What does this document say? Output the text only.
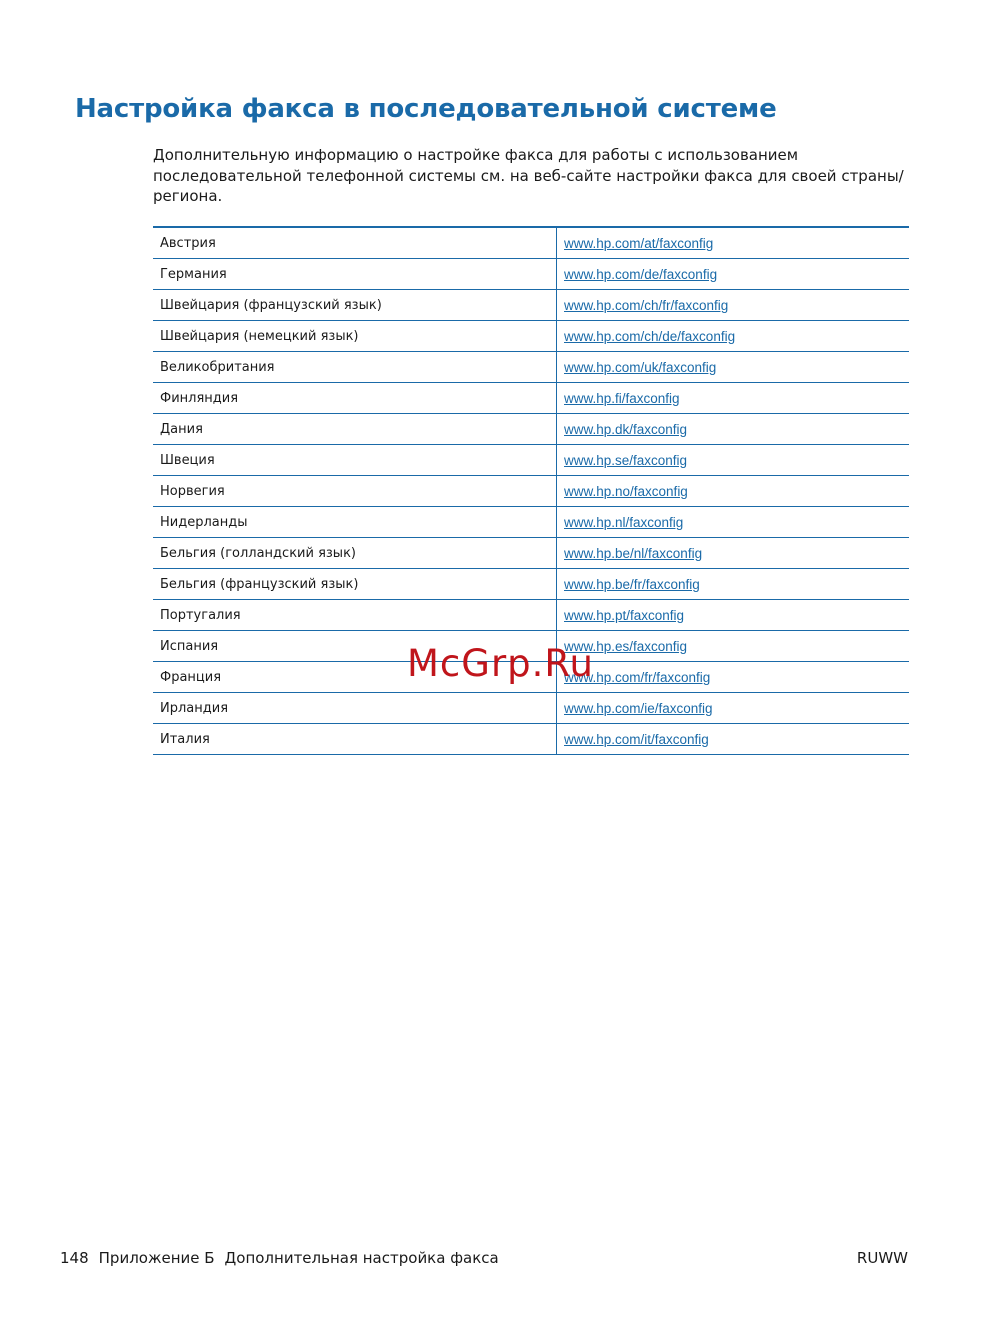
Настройка факса в последовательной системе

Дополнительную информацию о настройке факса для работы с использованием последовательной телефонной системы см. на веб-сайте настройки факса для своей страны/региона.

Австрия	www.hp.com/at/faxconfig
Германия	www.hp.com/de/faxconfig
Швейцария (французский язык)	www.hp.com/ch/fr/faxconfig
Швейцария (немецкий язык)	www.hp.com/ch/de/faxconfig
Великобритания	www.hp.com/uk/faxconfig
Финляндия	www.hp.fi/faxconfig
Дания	www.hp.dk/faxconfig
Швеция	www.hp.se/faxconfig
Норвегия	www.hp.no/faxconfig
Нидерланды	www.hp.nl/faxconfig
Бельгия (голландский язык)	www.hp.be/nl/faxconfig
Бельгия (французский язык)	www.hp.be/fr/faxconfig
Португалия	www.hp.pt/faxconfig
Испания	www.hp.es/faxconfig
Франция	www.hp.com/fr/faxconfig
Ирландия	www.hp.com/ie/faxconfig
Италия	www.hp.com/it/faxconfig
McGrp.Ru
148 Приложение Б Дополнительная настройка факса	RUWW
